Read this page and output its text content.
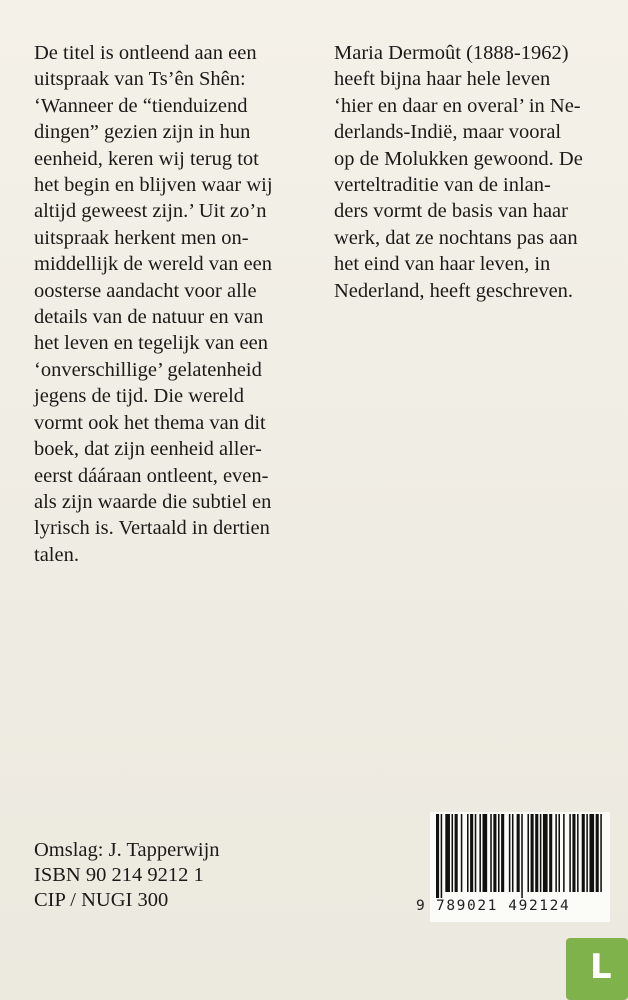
De titel is ontleend aan een
uitspraak van Ts’ên Shên:
‘Wanneer de “tienduizend
dingen” gezien zijn in hun
eenheid, keren wij terug tot
het begin en blijven waar wij
altijd geweest zijn.’ Uit zo’n
uitspraak herkent men on-
middellijk de wereld van een
oosterse aandacht voor alle
details van de natuur en van
het leven en tegelijk van een
‘onverschillige’ gelatenheid
jegens de tijd. Die wereld
vormt ook het thema van dit
boek, dat zijn eenheid aller-
eerst dááraan ontleent, even-
als zijn waarde die subtiel en
lyrisch is. Vertaald in dertien
talen.
Maria Dermoût (1888-1962)
heeft bijna haar hele leven
‘hier en daar en overal’ in Ne-
derlands-Indië, maar vooral
op de Molukken gewoond. De
verteltraditie van de inlan-
ders vormt de basis van haar
werk, dat ze nochtans pas aan
het eind van haar leven, in
Nederland, heeft geschreven.
Omslag: J. Tapperwijn
ISBN 90 214 9212 1
CIP / NUGI 300	9 789021 492124
L
